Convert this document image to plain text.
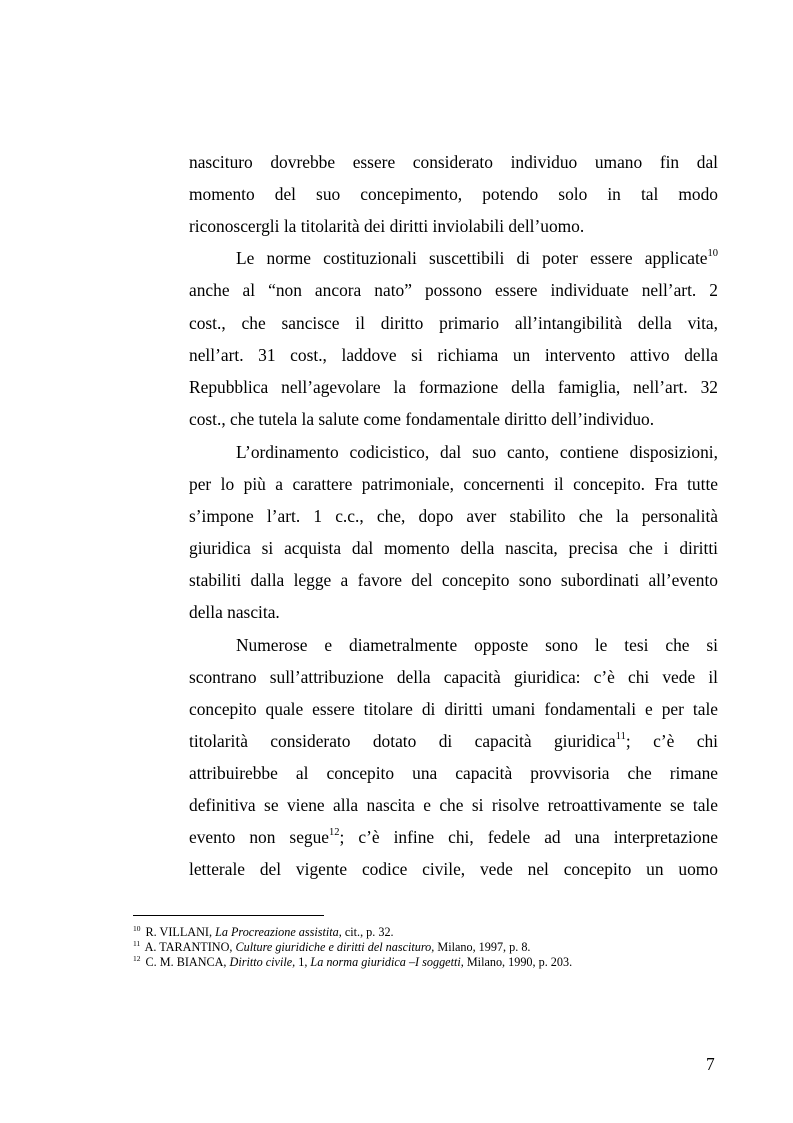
nascituro dovrebbe essere considerato individuo umano fin dal
momento del suo concepimento, potendo solo in tal modo
riconoscergli la titolarità dei diritti inviolabili dell’uomo.
Le norme costituzionali suscettibili di poter essere applicate$^{10}$
anche al “non ancora nato” possono essere individuate nell’art. 2
cost., che sancisce il diritto primario all’intangibilità della vita,
nell’art. 31 cost., laddove si richiama un intervento attivo della
Repubblica nell’agevolare la formazione della famiglia, nell’art. 32
cost., che tutela la salute come fondamentale diritto dell’individuo.
L’ordinamento codicistico, dal suo canto, contiene disposizioni,
per lo più a carattere patrimoniale, concernenti il concepito. Fra tutte
s’impone l’art. 1 c.c., che, dopo aver stabilito che la personalità
giuridica si acquista dal momento della nascita, precisa che i diritti
stabiliti dalla legge a favore del concepito sono subordinati all’evento
della nascita.
Numerose e diametralmente opposte sono le tesi che si
scontrano sull’attribuzione della capacità giuridica: c’è chi vede il
concepito quale essere titolare di diritti umani fondamentali e per tale
titolarità considerato dotato di capacità giuridica$^{11}$; c’è chi
attribuirebbe al concepito una capacità provvisoria che rimane
definitiva se viene alla nascita e che si risolve retroattivamente se tale
evento non segue$^{12}$; c’è infine chi, fedele ad una interpretazione
letterale del vigente codice civile, vede nel concepito un uomo
$^{10}$ R. VILLANI, La Procreazione assistita, cit., p. 32.
$^{11}$ A. TARANTINO, Culture giuridiche e diritti del nascituro, Milano, 1997, p. 8.
$^{12}$ C. M. BIANCA, Diritto civile, 1, La norma giuridica –I soggetti, Milano, 1990, p. 203.
7
